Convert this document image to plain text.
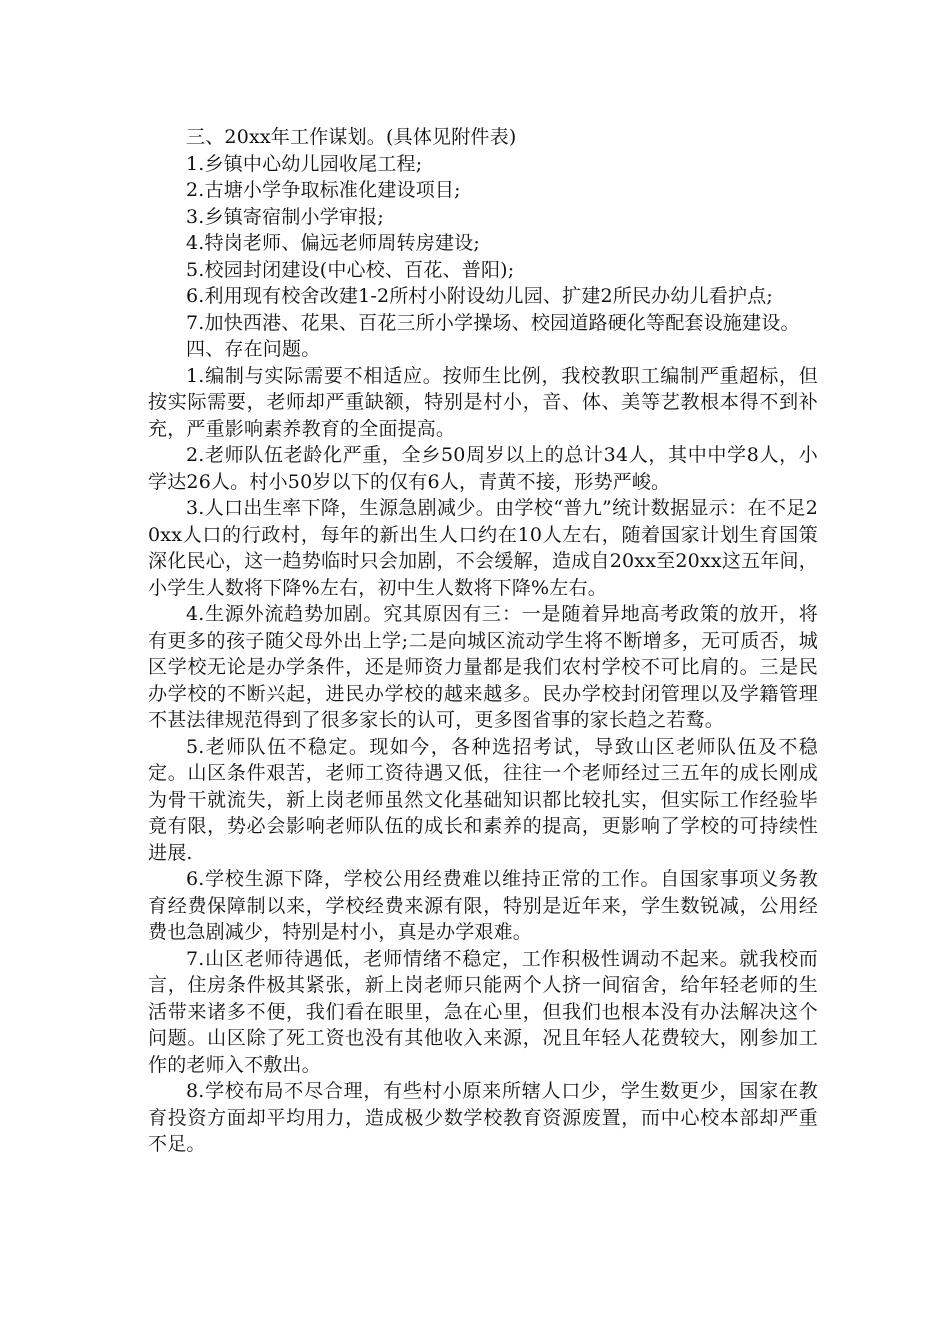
三、20xx年工作谋划。(具体见附件表)

1.乡镇中心幼儿园收尾工程;

2.古塘小学争取标准化建设项目;

3.乡镇寄宿制小学审报;

4.特岗老师、偏远老师周转房建设;

5.校园封闭建设(中心校、百花、普阳);

6.利用现有校舍改建1-2所村小附设幼儿园、扩建2所民办幼儿看护点;

7.加快西港、花果、百花三所小学操场、校园道路硬化等配套设施建设。

四、存在问题。

1.编制与实际需要不相适应。按师生比例，我校教职工编制严重超标，但按实际需要，老师却严重缺额，特别是村小，音、体、美等艺教根本得不到补充，严重影响素养教育的全面提高。

2.老师队伍老龄化严重，全乡50周岁以上的总计34人，其中中学8人，小学达26人。村小50岁以下的仅有6人，青黄不接，形势严峻。

3.人口出生率下降，生源急剧减少。由学校“普九”统计数据显示：在不足20xx人口的行政村，每年的新出生人口约在10人左右，随着国家计划生育国策深化民心，这一趋势临时只会加剧，不会缓解，造成自20xx至20xx这五年间，小学生人数将下降%左右，初中生人数将下降%左右。

4.生源外流趋势加剧。究其原因有三：一是随着异地高考政策的放开，将有更多的孩子随父母外出上学;二是向城区流动学生将不断增多，无可质否，城区学校无论是办学条件，还是师资力量都是我们农村学校不可比肩的。三是民办学校的不断兴起，进民办学校的越来越多。民办学校封闭管理以及学籍管理不甚法律规范得到了很多家长的认可，更多图省事的家长趋之若鹜。

5.老师队伍不稳定。现如今，各种选招考试，导致山区老师队伍及不稳定。山区条件艰苦，老师工资待遇又低，往往一个老师经过三五年的成长刚成为骨干就流失，新上岗老师虽然文化基础知识都比较扎实，但实际工作经验毕竟有限，势必会影响老师队伍的成长和素养的提高，更影响了学校的可持续性进展.

6.学校生源下降，学校公用经费难以维持正常的工作。自国家事项义务教育经费保障制以来，学校经费来源有限，特别是近年来，学生数锐减，公用经费也急剧减少，特别是村小，真是办学艰难。

7.山区老师待遇低，老师情绪不稳定，工作积极性调动不起来。就我校而言，住房条件极其紧张，新上岗老师只能两个人挤一间宿舍，给年轻老师的生活带来诸多不便，我们看在眼里，急在心里，但我们也根本没有办法解决这个问题。山区除了死工资也没有其他收入来源，况且年轻人花费较大，刚参加工作的老师入不敷出。

8.学校布局不尽合理，有些村小原来所辖人口少，学生数更少，国家在教育投资方面却平均用力，造成极少数学校教育资源废置，而中心校本部却严重不足。
